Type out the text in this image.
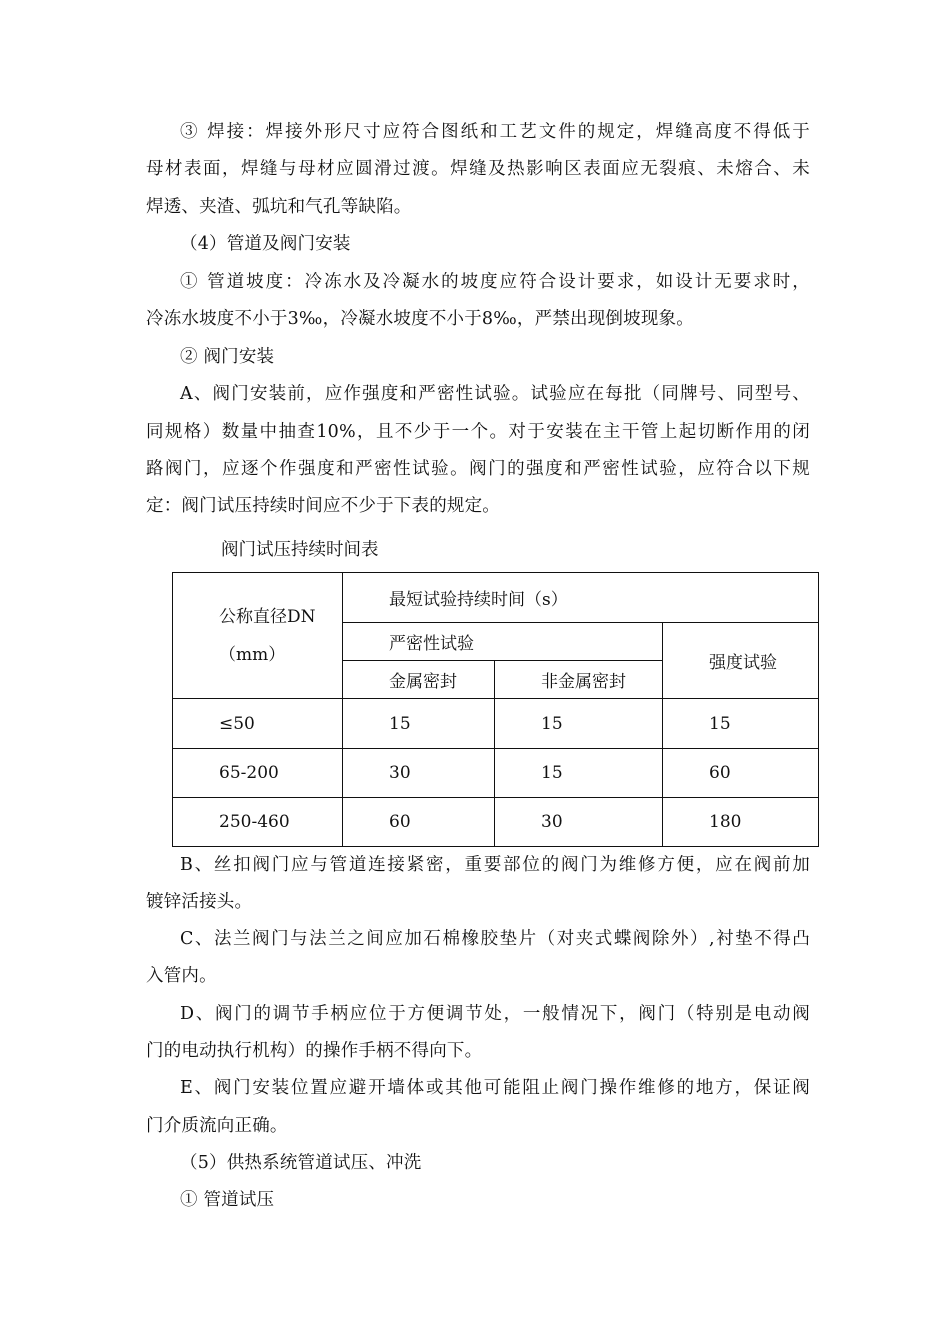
③ 焊接：焊接外形尺寸应符合图纸和工艺文件的规定，焊缝高度不得低于
母材表面，焊缝与母材应圆滑过渡。焊缝及热影响区表面应无裂痕、未熔合、未
焊透、夹渣、弧坑和气孔等缺陷。
（4）管道及阀门安装
① 管道坡度：冷冻水及冷凝水的坡度应符合设计要求，如设计无要求时，
冷冻水坡度不小于3‰，冷凝水坡度不小于8‰，严禁出现倒坡现象。
② 阀门安装
A、阀门安装前，应作强度和严密性试验。试验应在每批（同牌号、同型号、
同规格）数量中抽查10%，且不少于一个。对于安装在主干管上起切断作用的闭
路阀门，应逐个作强度和严密性试验。阀门的强度和严密性试验，应符合以下规
定：阀门试压持续时间应不少于下表的规定。
阀门试压持续时间表
公称直径DN
（mm）	最短试验持续时间（s）		
	严密性试验		强度试验
	金属密封	非金属密封	
≤50	15	15	15
65-200	30	15	60
250-460	60	30	180
B、丝扣阀门应与管道连接紧密，重要部位的阀门为维修方便，应在阀前加
镀锌活接头。
C、法兰阀门与法兰之间应加石棉橡胶垫片（对夹式蝶阀除外）,衬垫不得凸
入管内。
D、阀门的调节手柄应位于方便调节处，一般情况下，阀门（特别是电动阀
门的电动执行机构）的操作手柄不得向下。
E、阀门安装位置应避开墙体或其他可能阻止阀门操作维修的地方，保证阀
门介质流向正确。
（5）供热系统管道试压、冲洗
① 管道试压
